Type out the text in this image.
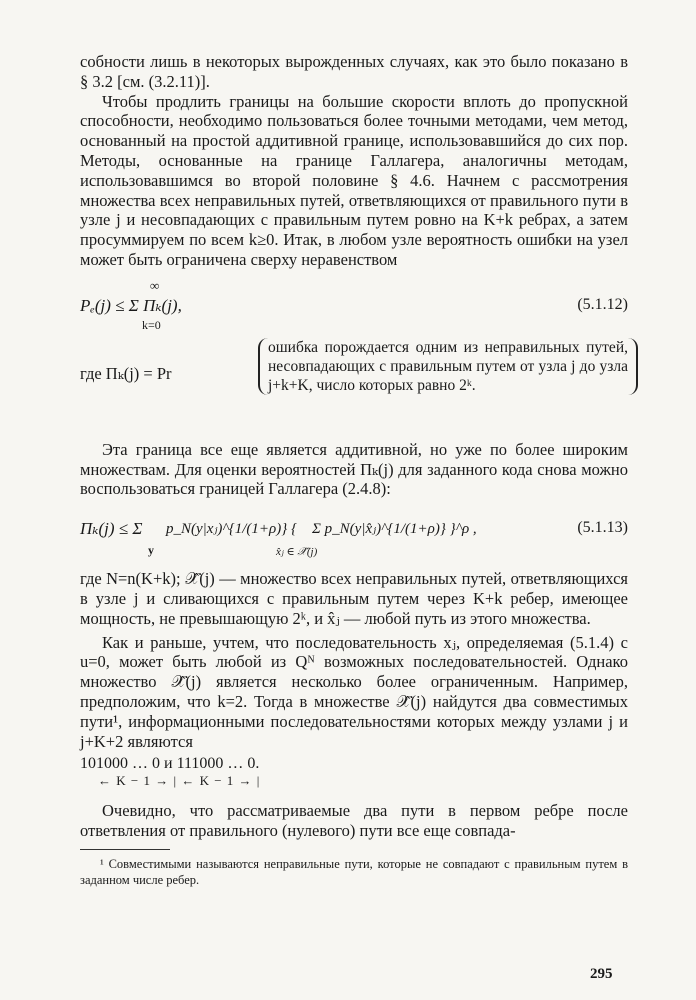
собности лишь в некоторых вырожденных случаях, как это было показано в § 3.2 [см. (3.2.11)].

Чтобы продлить границы на большие скорости вплоть до пропускной способности, необходимо пользоваться более точными методами, чем метод, основанный на простой аддитивной границе, использовавшийся до сих пор. Методы, основанные на границе Галлагера, аналогичны методам, использовавшимся во второй половине § 4.6. Начнем с рассмотрения множества всех неправильных путей, ответвляющихся от правильного пути в узле j и несовпадающих с правильным путем ровно на K+k ребрах, а затем просуммируем по всем k≥0. Итак, в любом узле вероятность ошибки на узел может быть ограничена сверху неравенством

Pₑ(j) ≤ Σ Πₖ(j),
∞
k=0
(5.1.12)
где Πₖ(j) = Pr
ошибка порождается одним из неправильных путей, несовпадающих с правильным путем от узла j до узла j+k+K, число которых равно 2ᵏ.

Эта граница все еще является аддитивной, но уже по более широким множествам. Для оценки вероятностей Πₖ(j) для заданного кода снова можно воспользоваться границей Галлагера (2.4.8):

Πₖ(j) ≤ Σ
y
p_N(y|xⱼ)^{1/(1+ρ)} { Σ p_N(y|x̂ⱼ)^{1/(1+ρ)} }^ρ ,
x̂ⱼ ∈ 𝒳̂(j)
(5.1.13)

где N=n(K+k); 𝒳̂(j) — множество всех неправильных путей, ответвляющихся в узле j и сливающихся с правильным путем через K+k ребер, имеющее мощность, не превышающую 2ᵏ, и x̂ⱼ — любой путь из этого множества.

Как и раньше, учтем, что последовательность xⱼ, определяемая (5.1.4) с u=0, может быть любой из Qᴺ возможных последовательностей. Однако множество 𝒳̂(j) является несколько более ограниченным. Например, предположим, что k=2. Тогда в множестве 𝒳̂(j) найдутся два совместимых пути¹, информационными последовательностями которых между узлами j и j+K+2 являются

101000 … 0 и 111000 … 0.
← K − 1 → | ← K − 1 → |

Очевидно, что рассматриваемые два пути в первом ребре после ответвления от правильного (нулевого) пути все еще совпада-

¹ Совместимыми называются неправильные пути, которые не совпадают с правильным путем в заданном числе ребер.

295
